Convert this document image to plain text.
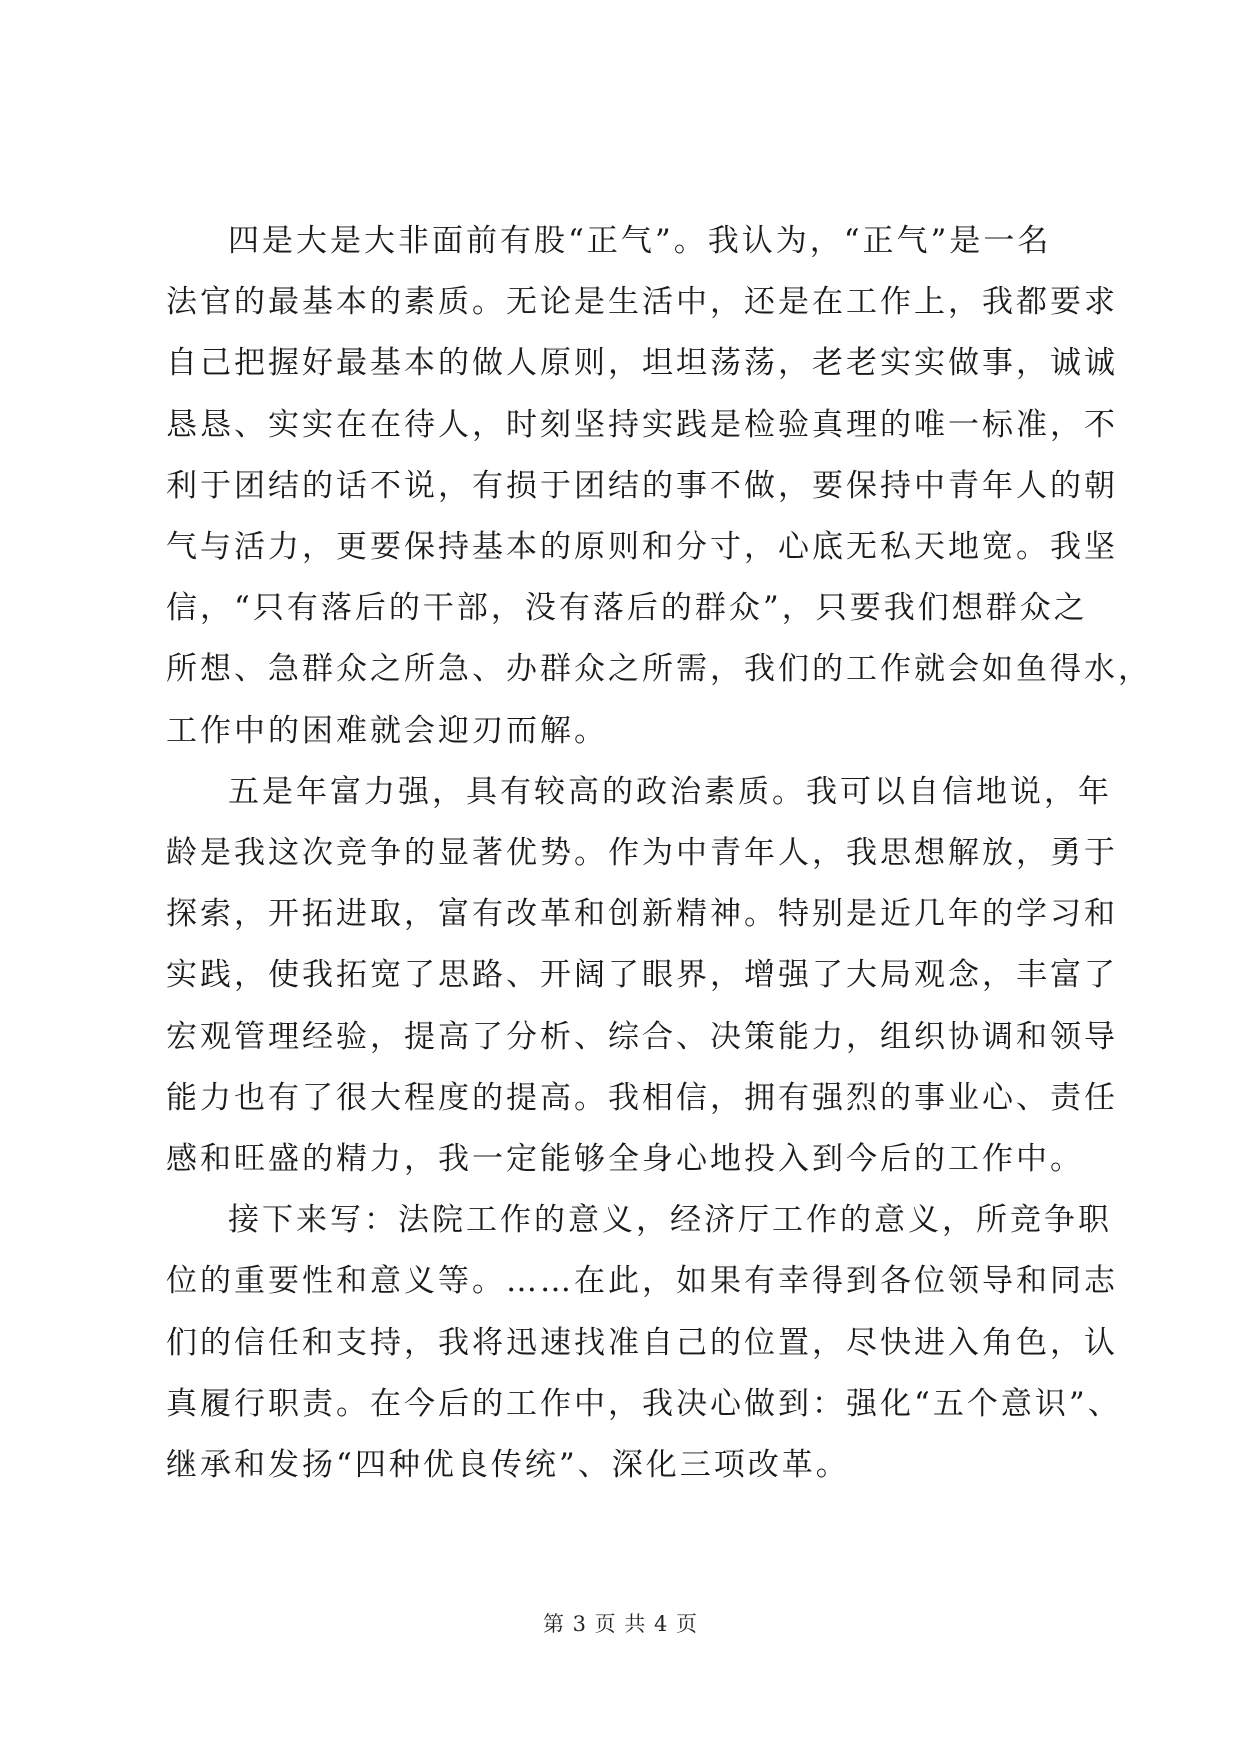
四是大是大非面前有股“正气”。我认为，“正气”是一名
法官的最基本的素质。无论是生活中，还是在工作上，我都要求
自己把握好最基本的做人原则，坦坦荡荡，老老实实做事，诚诚
恳恳、实实在在待人，时刻坚持实践是检验真理的唯一标准，不
利于团结的话不说，有损于团结的事不做，要保持中青年人的朝
气与活力，更要保持基本的原则和分寸，心底无私天地宽。我坚
信，“只有落后的干部，没有落后的群众”，只要我们想群众之
所想、急群众之所急、办群众之所需，我们的工作就会如鱼得水，
工作中的困难就会迎刃而解。

五是年富力强，具有较高的政治素质。我可以自信地说，年
龄是我这次竞争的显著优势。作为中青年人，我思想解放，勇于
探索，开拓进取，富有改革和创新精神。特别是近几年的学习和
实践，使我拓宽了思路、开阔了眼界，增强了大局观念，丰富了
宏观管理经验，提高了分析、综合、决策能力，组织协调和领导
能力也有了很大程度的提高。我相信，拥有强烈的事业心、责任
感和旺盛的精力，我一定能够全身心地投入到今后的工作中。

接下来写：法院工作的意义，经济厅工作的意义，所竞争职
位的重要性和意义等。……在此，如果有幸得到各位领导和同志
们的信任和支持，我将迅速找准自己的位置，尽快进入角色，认
真履行职责。在今后的工作中，我决心做到：强化“五个意识”、
继承和发扬“四种优良传统”、深化三项改革。

第 3 页 共 4 页
